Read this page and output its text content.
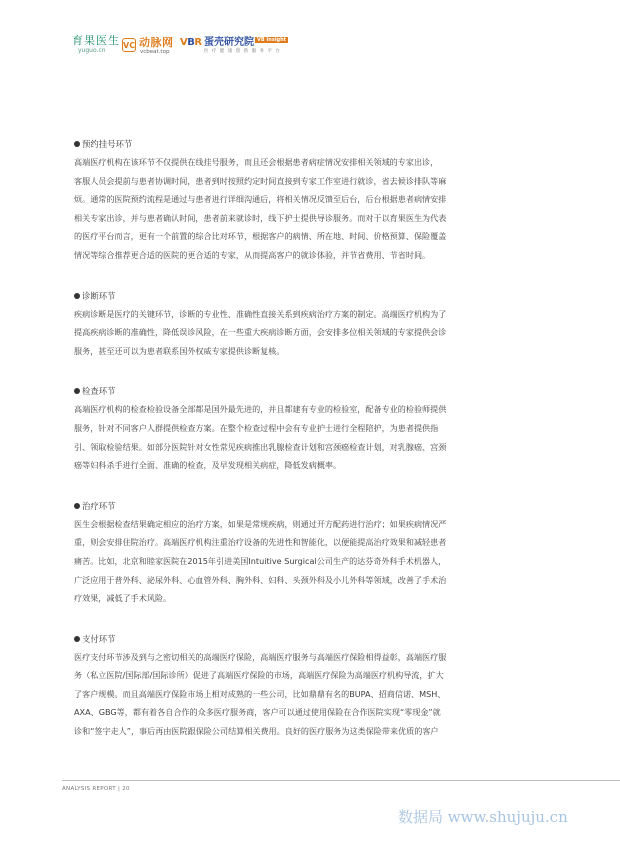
育果医生
yuguo.cn
VC 动脉网
vcbeat.top
VBR 蛋壳研究院 VB Insight
医 疗 健 康 创 新 服 务 平 台

预约挂号环节

高端医疗机构在该环节不仅提供在线挂号服务，而且还会根据患者病症情况安排相关领域的专家出诊，
客服人员会提前与患者协调时间，患者到时按照约定时间直接到专家工作室进行就诊，省去候诊排队等麻
烦。通常的医院预约流程是通过与患者进行详细沟通后，将相关情况反馈至后台，后台根据患者病情安排
相关专家出诊，并与患者确认时间，患者前来就诊时，线下护士提供导诊服务。而对于以育果医生为代表
的医疗平台而言，更有一个前置的综合比对环节，根据客户的病情、所在地、时间、价格预算、保险覆盖
情况等综合推荐更合适的医院的更合适的专家，从而提高客户的就诊体验，并节省费用、节省时间。

诊断环节

疾病诊断是医疗的关键环节，诊断的专业性、准确性直接关系到疾病治疗方案的制定。高端医疗机构为了
提高疾病诊断的准确性，降低误诊风险，在一些重大疾病诊断方面，会安排多位相关领域的专家提供会诊
服务，甚至还可以为患者联系国外权威专家提供诊断复核。

检查环节

高端医疗机构的检查检验设备全部都是国外最先进的，并且都建有专业的检验室，配备专业的检验师提供
服务，针对不同客户人群提供检查方案。在整个检查过程中会有专业护士进行全程陪护，为患者提供指
引、领取检验结果。如部分医院针对女性常见疾病推出乳腺检查计划和宫颈癌检查计划，对乳腺癌、宫颈
癌等妇科杀手进行全面、准确的检查，及早发现相关病症，降低发病概率。

治疗环节

医生会根据检查结果确定相应的治疗方案，如果是常规疾病，则通过开方配药进行治疗；如果疾病情况严
重，则会安排住院治疗。高端医疗机构注重治疗设备的先进性和智能化，以便能提高治疗效果和减轻患者
痛苦。比如，北京和睦家医院在2015年引进美国Intuitive Surgical公司生产的达芬奇外科手术机器人，
广泛应用于普外科、泌尿外科、心血管外科、胸外科、妇科、头颈外科及小儿外科等领域，改善了手术治
疗效果，减低了手术风险。

支付环节

医疗支付环节涉及到与之密切相关的高端医疗保险，高端医疗服务与高端医疗保险相得益彰，高端医疗服
务（私立医院/国际部/国际诊所）促进了高端医疗保险的市场，高端医疗保险为高端医疗机构导流，扩大
了客户规模。而且高端医疗保险市场上相对成熟的一些公司，比如鼎鼎有名的BUPA、招商信诺、MSH、
AXA、GBG等，都有着各自合作的众多医疗服务商，客户可以通过使用保险在合作医院实现“零现金”就
诊和“签字走人”，事后再由医院跟保险公司结算相关费用。良好的医疗服务为这类保险带来优质的客户

ANALYSIS REPORT | 20
数据局 www.shujuju.cn
